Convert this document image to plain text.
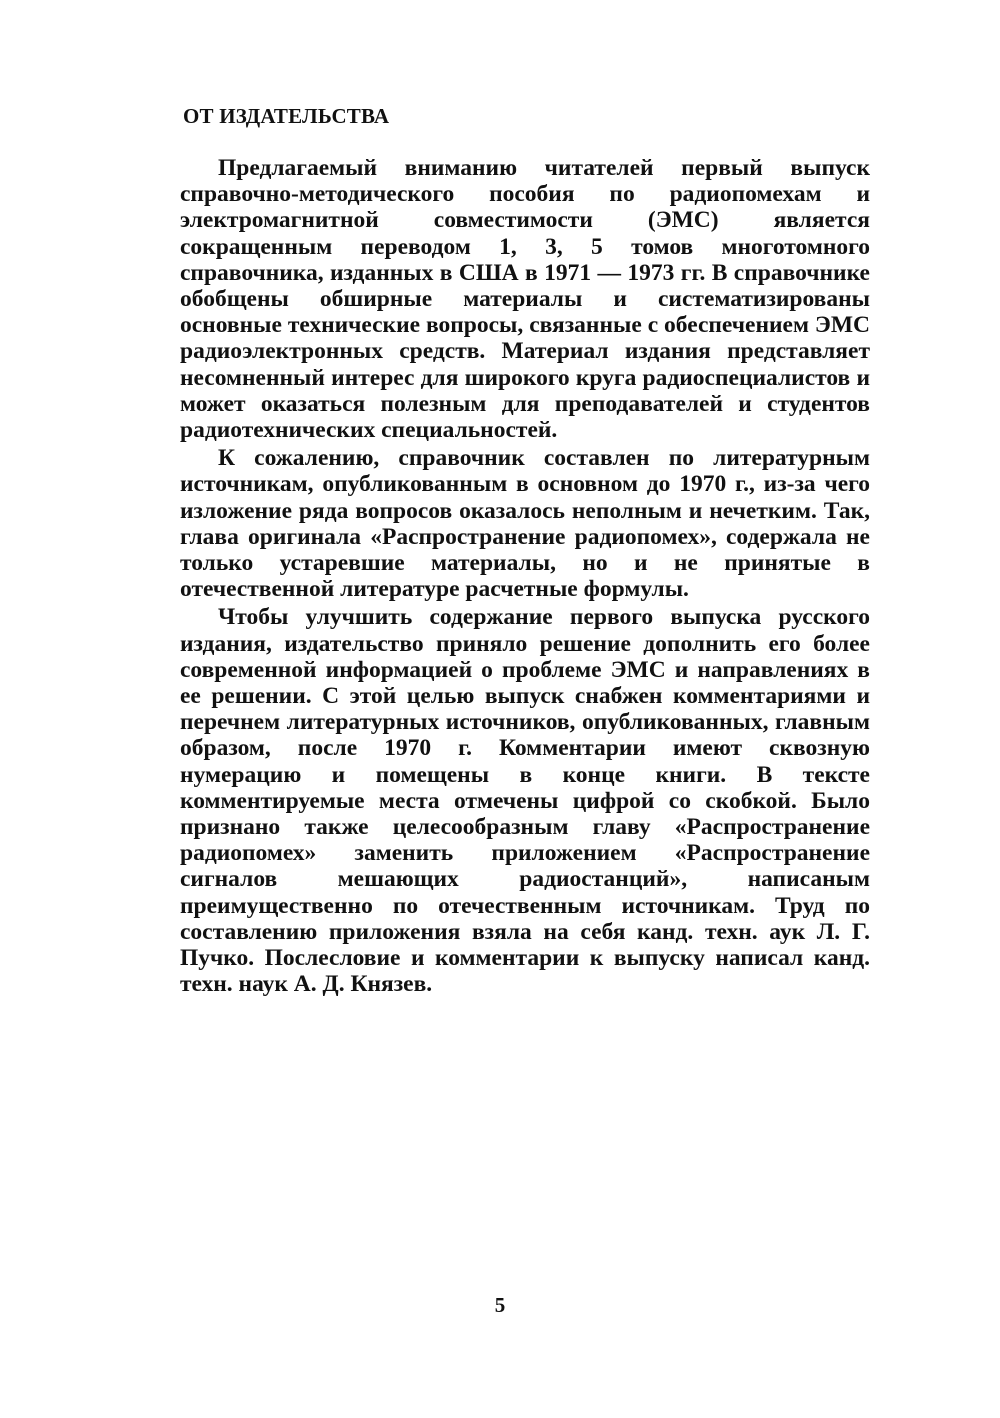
ОТ ИЗДАТЕЛЬСТВА

Предлагаемый вниманию читателей первый выпуск справочно-методического пособия по радиопомехам и электромагнитной совместимости (ЭМС) является сокращенным переводом 1, 3, 5 томов многотомного справочника, изданных в США в 1971 — 1973 гг. В справочнике обобщены обширные материалы и систематизированы основные технические вопросы, связанные с обеспечением ЭМС радиоэлектронных средств. Материал издания представляет несомненный интерес для широкого круга радиоспециалистов и может оказаться полезным для преподавателей и студентов радиотехнических специальностей.

К сожалению, справочник составлен по литературным источникам, опубликованным в основном до 1970 г., из-за чего изложение ряда вопросов оказалось неполным и нечетким. Так, глава оригинала «Распространение радиопомех», содержала не только устаревшие материалы, но и не принятые в отечественной литературе расчетные формулы.

Чтобы улучшить содержание первого выпуска русского издания, издательство приняло решение дополнить его более современной информацией о проблеме ЭМС и направлениях в ее решении. С этой целью выпуск снабжен комментариями и перечнем литературных источников, опубликованных, главным образом, после 1970 г. Комментарии имеют сквозную нумерацию и помещены в конце книги. В тексте комментируемые места отмечены цифрой со скобкой. Было признано также целесообразным главу «Распространение радиопомех» заменить приложением «Распространение сигналов мешающих радиостанций», написаным преимущественно по отечественным источникам. Труд по составлению приложения взяла на себя канд. техн. аук Л. Г. Пучко. Послесловие и комментарии к выпуску написал канд. техн. наук А. Д. Князев.

5
